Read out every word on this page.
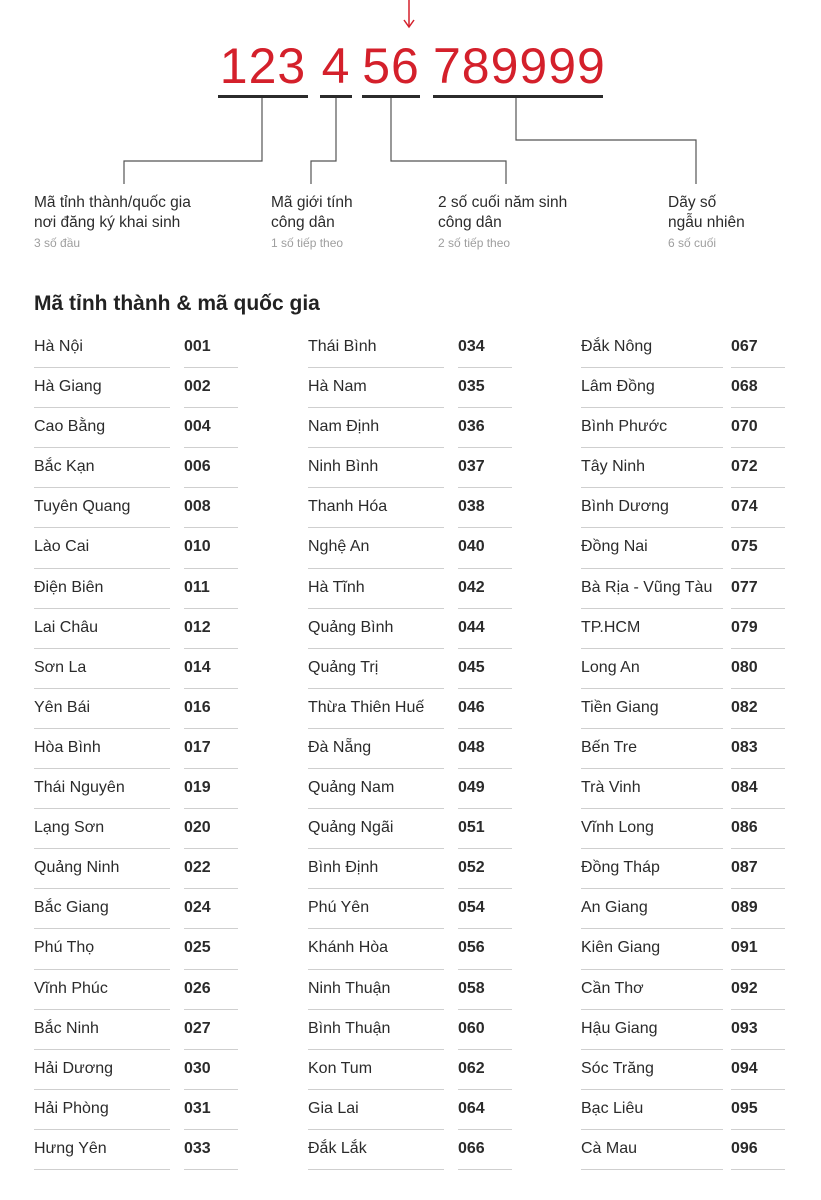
123 4 56 789999
Mã tỉnh thành/quốc gia
nơi đăng ký khai sinh
3 số đầu
Mã giới tính
công dân
1 số tiếp theo
2 số cuối năm sinh
công dân
2 số tiếp theo
Dãy số
ngẫu nhiên
6 số cuối
Mã tỉnh thành & mã quốc gia
Hà Nội	001
Hà Giang	002
Cao Bằng	004
Bắc Kạn	006
Tuyên Quang	008
Lào Cai	010
Điện Biên	011
Lai Châu	012
Sơn La	014
Yên Bái	016
Hòa Bình	017
Thái Nguyên	019
Lạng Sơn	020
Quảng Ninh	022
Bắc Giang	024
Phú Thọ	025
Vĩnh Phúc	026
Bắc Ninh	027
Hải Dương	030
Hải Phòng	031
Hưng Yên	033
Thái Bình	034
Hà Nam	035
Nam Định	036
Ninh Bình	037
Thanh Hóa	038
Nghệ An	040
Hà Tĩnh	042
Quảng Bình	044
Quảng Trị	045
Thừa Thiên Huế 046
Đà Nẵng	048
Quảng Nam	049
Quảng Ngãi	051
Bình Định	052
Phú Yên	054
Khánh Hòa	056
Ninh Thuận	058
Bình Thuận	060
Kon Tum	062
Gia Lai	064
Đắk Lắk	066
Đắk Nông	067
Lâm Đồng	068
Bình Phước	070
Tây Ninh	072
Bình Dương	074
Đồng Nai	075
Bà Rịa - Vũng Tàu 077
TP.HCM	079
Long An	080
Tiền Giang	082
Bến Tre	083
Trà Vinh	084
Vĩnh Long	086
Đồng Tháp	087
An Giang	089
Kiên Giang	091
Cần Thơ	092
Hậu Giang	093
Sóc Trăng	094
Bạc Liêu	095
Cà Mau	096
